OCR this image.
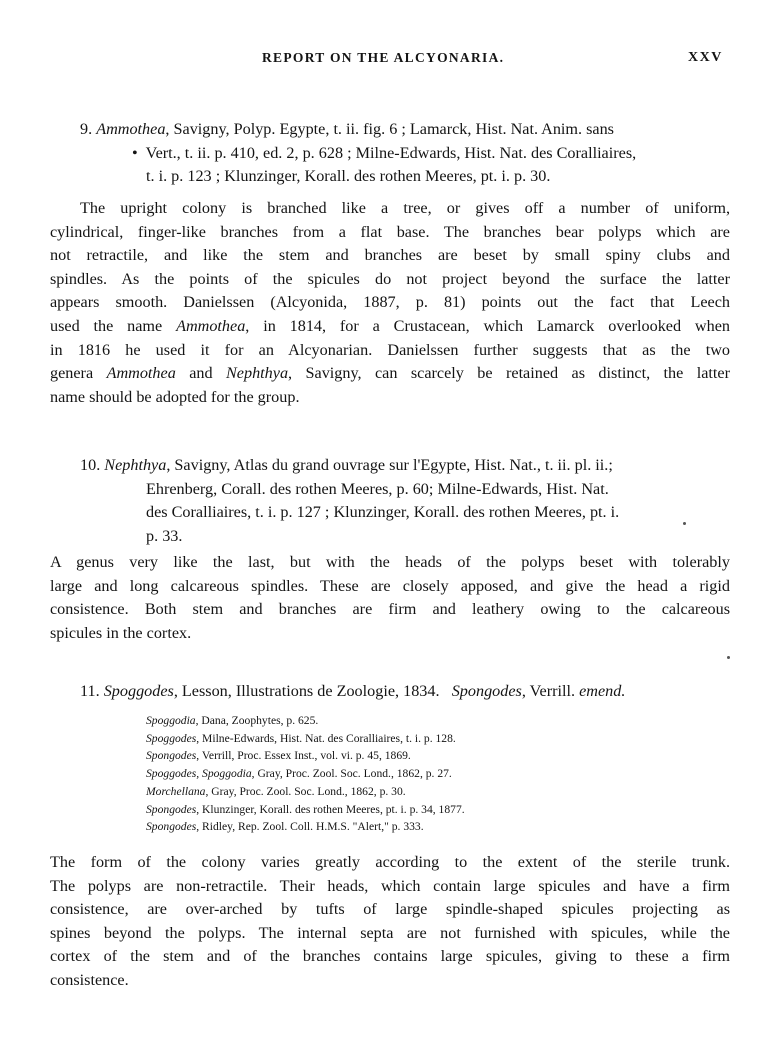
REPORT ON THE ALCYONARIA.	XXV
9. Ammothea, Savigny, Polyp. Egypte, t. ii. fig. 6 ; Lamarck, Hist. Nat. Anim. sans
• Vert., t. ii. p. 410, ed. 2, p. 628 ; Milne-Edwards, Hist. Nat. des Coralliaires,
t. i. p. 123 ; Klunzinger, Korall. des rothen Meeres, pt. i. p. 30.
The upright colony is branched like a tree, or gives off a number of uniform,
cylindrical, finger-like branches from a flat base. The branches bear polyps which are
not retractile, and like the stem and branches are beset by small spiny clubs and
spindles. As the points of the spicules do not project beyond the surface the latter
appears smooth. Danielssen (Alcyonida, 1887, p. 81) points out the fact that Leech
used the name Ammothea, in 1814, for a Crustacean, which Lamarck overlooked when
in 1816 he used it for an Alcyonarian. Danielssen further suggests that as the two
genera Ammothea and Nephthya, Savigny, can scarcely be retained as distinct, the latter
name should be adopted for the group.
10. Nephthya, Savigny, Atlas du grand ouvrage sur l'Egypte, Hist. Nat., t. ii. pl. ii.;
Ehrenberg, Corall. des rothen Meeres, p. 60; Milne-Edwards, Hist. Nat.
des Coralliaires, t. i. p. 127 ; Klunzinger, Korall. des rothen Meeres, pt. i.
p. 33.
A genus very like the last, but with the heads of the polyps beset with tolerably
large and long calcareous spindles. These are closely apposed, and give the head a rigid
consistence. Both stem and branches are firm and leathery owing to the calcareous
spicules in the cortex.
11. Spoggodes, Lesson, Illustrations de Zoologie, 1834. Spongodes, Verrill. emend.
Spoggodia, Dana, Zoophytes, p. 625.
Spoggodes, Milne-Edwards, Hist. Nat. des Coralliaires, t. i. p. 128.
Spongodes, Verrill, Proc. Essex Inst., vol. vi. p. 45, 1869.
Spoggodes, Spoggodia, Gray, Proc. Zool. Soc. Lond., 1862, p. 27.
Morchellana, Gray, Proc. Zool. Soc. Lond., 1862, p. 30.
Spongodes, Klunzinger, Korall. des rothen Meeres, pt. i. p. 34, 1877.
Spongodes, Ridley, Rep. Zool. Coll. H.M.S. "Alert," p. 333.
The form of the colony varies greatly according to the extent of the sterile trunk.
The polyps are non-retractile. Their heads, which contain large spicules and have a firm
consistence, are over-arched by tufts of large spindle-shaped spicules projecting as
spines beyond the polyps. The internal septa are not furnished with spicules, while the
cortex of the stem and of the branches contains large spicules, giving to these a firm
consistence.
